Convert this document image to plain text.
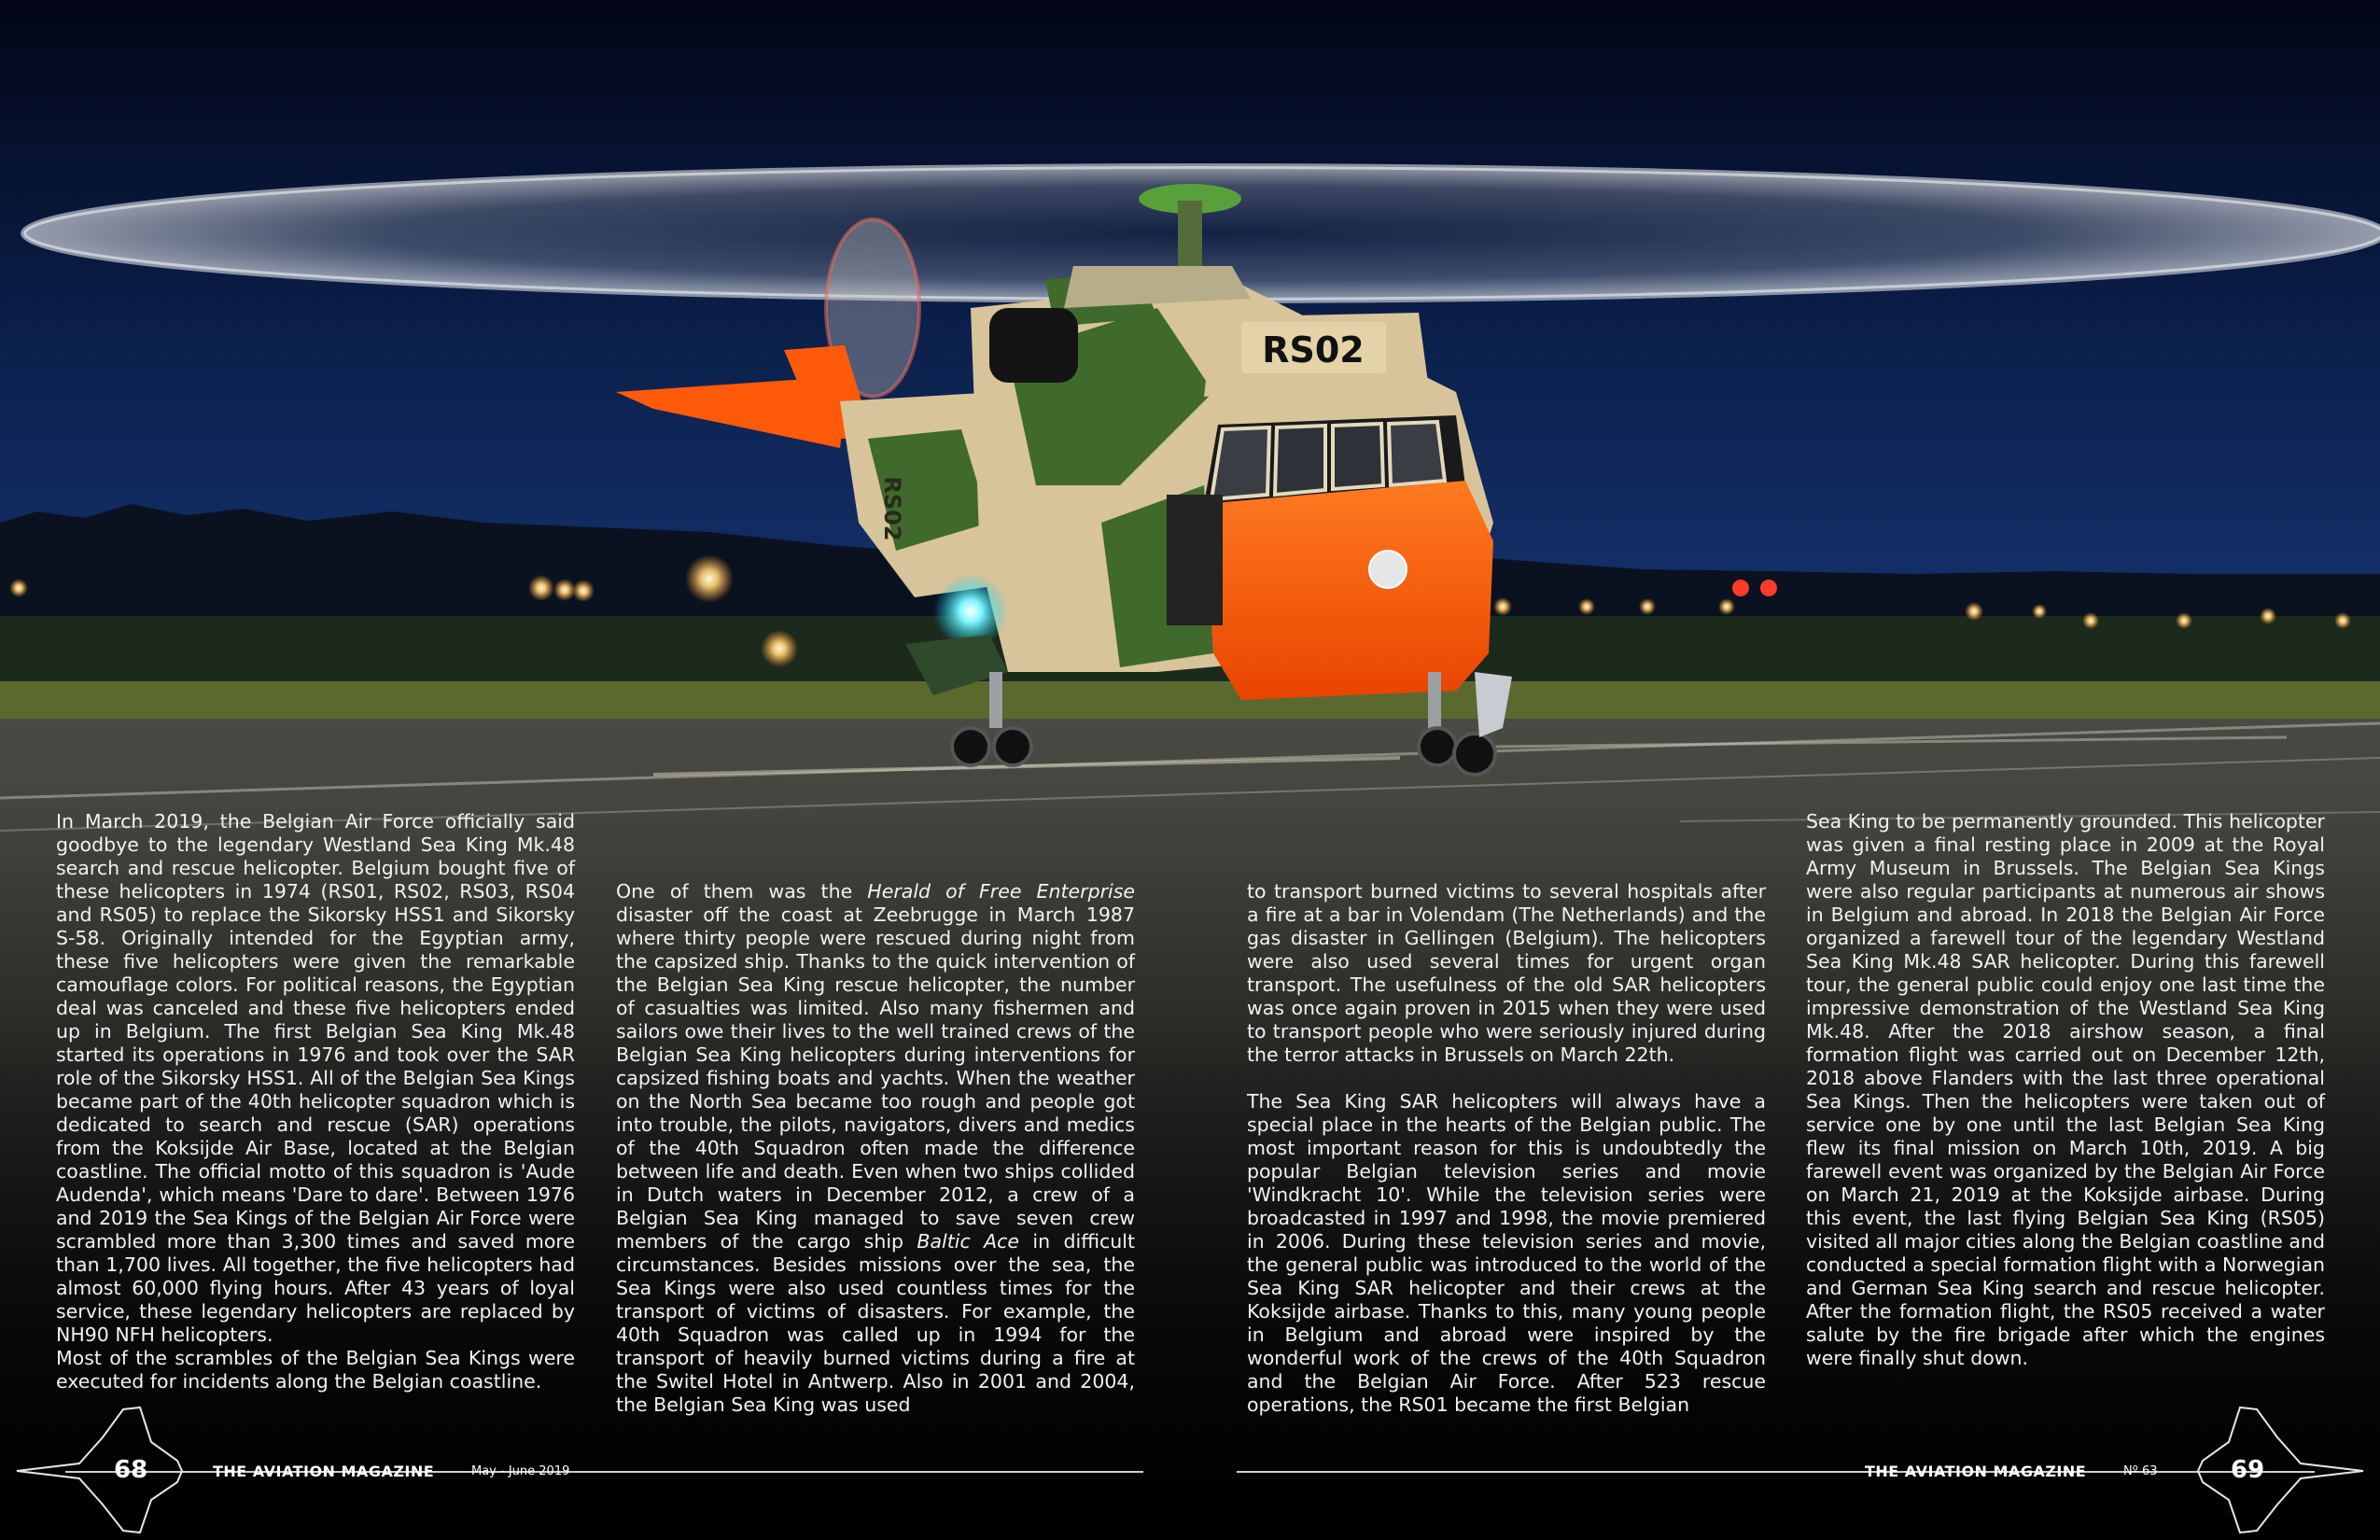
RS02
RS02

In March 2019, the Belgian Air Force officially said goodbye to the legendary Westland Sea King Mk.48 search and rescue helicopter. Belgium bought five of these helicopters in 1974 (RS01, RS02, RS03, RS04 and RS05) to replace the Sikorsky HSS1 and Sikorsky S-58. Originally intended for the Egyptian army, these five helicopters were given the remarkable camouflage colors. For political reasons, the Egyptian deal was canceled and these five helicopters ended up in Belgium. The first Belgian Sea King Mk.48 started its operations in 1976 and took over the SAR role of the Sikorsky HSS1. All of the Belgian Sea Kings became part of the 40th helicopter squadron which is dedicated to search and rescue (SAR) operations from the Koksijde Air Base, located at the Belgian coastline. The official motto of this squadron is 'Aude Audenda', which means 'Dare to dare'. Between 1976 and 2019 the Sea Kings of the Belgian Air Force were scrambled more than 3,300 times and saved more than 1,700 lives. All together, the five helicopters had almost 60,000 flying hours. After 43 years of loyal service, these legendary helicopters are replaced by NH90 NFH helicopters.

Most of the scrambles of the Belgian Sea Kings were executed for incidents along the Belgian coastline.

One of them was the Herald of Free Enterprise disaster off the coast at Zeebrugge in March 1987 where thirty people were rescued during night from the capsized ship. Thanks to the quick intervention of the Belgian Sea King rescue helicopter, the number of casualties was limited. Also many fishermen and sailors owe their lives to the well trained crews of the Belgian Sea King helicopters during interventions for capsized fishing boats and yachts. When the weather on the North Sea became too rough and people got into trouble, the pilots, navigators, divers and medics of the 40th Squadron often made the difference between life and death. Even when two ships collided in Dutch waters in December 2012, a crew of a Belgian Sea King managed to save seven crew members of the cargo ship Baltic Ace in difficult circumstances. Besides missions over the sea, the Sea Kings were also used countless times for the transport of victims of disasters. For example, the 40th Squadron was called up in 1994 for the transport of heavily burned victims during a fire at the Switel Hotel in Antwerp. Also in 2001 and 2004, the Belgian Sea King was used

to transport burned victims to several hospitals after a fire at a bar in Volendam (The Netherlands) and the gas disaster in Gellingen (Belgium). The helicopters were also used several times for urgent organ transport. The usefulness of the old SAR helicopters was once again proven in 2015 when they were used to transport people who were seriously injured during the terror attacks in Brussels on March 22th.

The Sea King SAR helicopters will always have a special place in the hearts of the Belgian public. The most important reason for this is undoubtedly the popular Belgian television series and movie 'Windkracht 10'. While the television series were broadcasted in 1997 and 1998, the movie premiered in 2006. During these television series and movie, the general public was introduced to the world of the Sea King SAR helicopter and their crews at the Koksijde airbase. Thanks to this, many young people in Belgium and abroad were inspired by the wonderful work of the crews of the 40th Squadron and the Belgian Air Force. After 523 rescue operations, the RS01 became the first Belgian

Sea King to be permanently grounded. This helicopter was given a final resting place in 2009 at the Royal Army Museum in Brussels. The Belgian Sea Kings were also regular participants at numerous air shows in Belgium and abroad. In 2018 the Belgian Air Force organized a farewell tour of the legendary Westland Sea King Mk.48 SAR helicopter. During this farewell tour, the general public could enjoy one last time the impressive demonstration of the Westland Sea King Mk.48. After the 2018 airshow season, a final formation flight was carried out on December 12th, 2018 above Flanders with the last three operational Sea Kings. Then the helicopters were taken out of service one by one until the last Belgian Sea King flew its final mission on March 10th, 2019. A big farewell event was organized by the Belgian Air Force on March 21, 2019 at the Koksijde airbase. During this event, the last flying Belgian Sea King (RS05) visited all major cities along the Belgian coastline and conducted a special formation flight with a Norwegian and German Sea King search and rescue helicopter. After the formation flight, the RS05 received a water salute by the fire brigade after which the engines were finally shut down.

68	THE AVIATION MAGAZINE	May - June 2019	THE AVIATION MAGAZINE	Nº 63	69
